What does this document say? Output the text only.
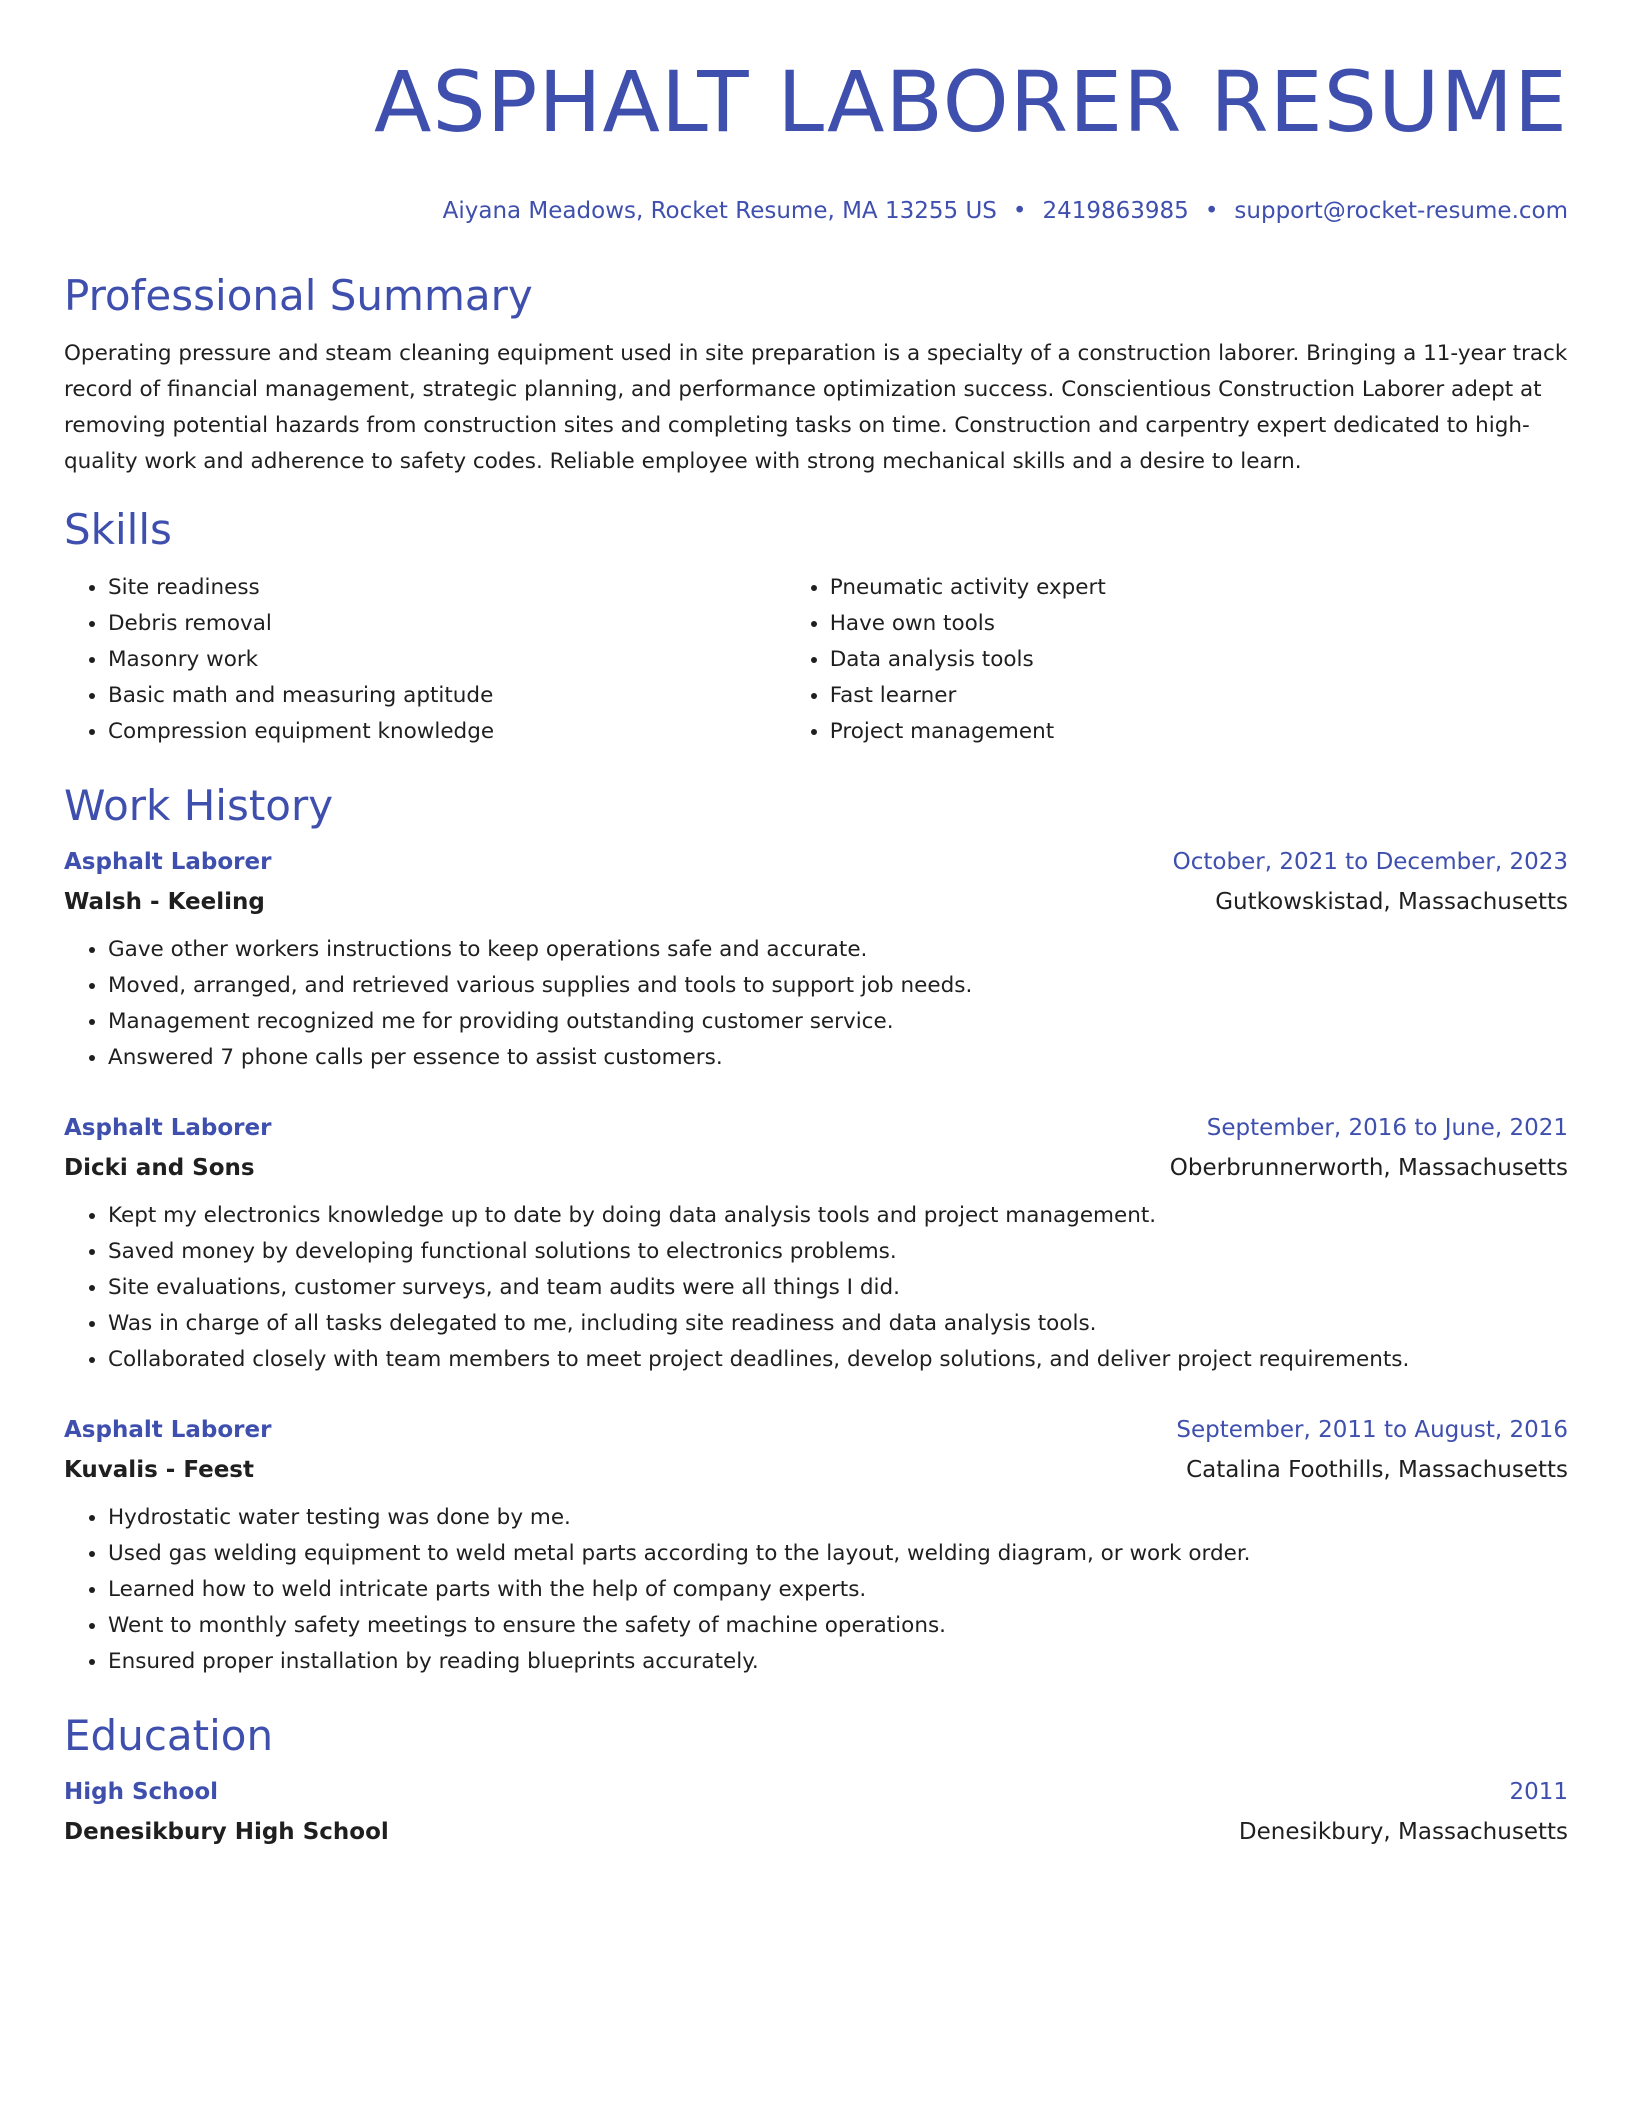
ASPHALT LABORER RESUME
Aiyana Meadows, Rocket Resume, MA 13255 US • 2419863985 • support@rocket-resume.com
Professional Summary

Operating pressure and steam cleaning equipment used in site preparation is a specialty of a construction laborer. Bringing a 11-year track record of financial management, strategic planning, and performance optimization success. Conscientious Construction Laborer adept at removing potential hazards from construction sites and completing tasks on time. Construction and carpentry expert dedicated to high-quality work and adherence to safety codes. Reliable employee with strong mechanical skills and a desire to learn.

Skills
• Site readiness
• Debris removal
• Masonry work
• Basic math and measuring aptitude
• Compression equipment knowledge
• Pneumatic activity expert
• Have own tools
• Data analysis tools
• Fast learner
• Project management
Work History
Asphalt Laborer	October, 2021 to December, 2023
Walsh - Keeling	Gutkowskistad, Massachusetts
• Gave other workers instructions to keep operations safe and accurate.
• Moved, arranged, and retrieved various supplies and tools to support job needs.
• Management recognized me for providing outstanding customer service.
• Answered 7 phone calls per essence to assist customers.
Asphalt Laborer	September, 2016 to June, 2021
Dicki and Sons	Oberbrunnerworth, Massachusetts
• Kept my electronics knowledge up to date by doing data analysis tools and project management.
• Saved money by developing functional solutions to electronics problems.
• Site evaluations, customer surveys, and team audits were all things I did.
• Was in charge of all tasks delegated to me, including site readiness and data analysis tools.
• Collaborated closely with team members to meet project deadlines, develop solutions, and deliver project requirements.
Asphalt Laborer	September, 2011 to August, 2016
Kuvalis - Feest	Catalina Foothills, Massachusetts
• Hydrostatic water testing was done by me.
• Used gas welding equipment to weld metal parts according to the layout, welding diagram, or work order.
• Learned how to weld intricate parts with the help of company experts.
• Went to monthly safety meetings to ensure the safety of machine operations.
• Ensured proper installation by reading blueprints accurately.
Education
High School	2011
Denesikbury High School	Denesikbury, Massachusetts
